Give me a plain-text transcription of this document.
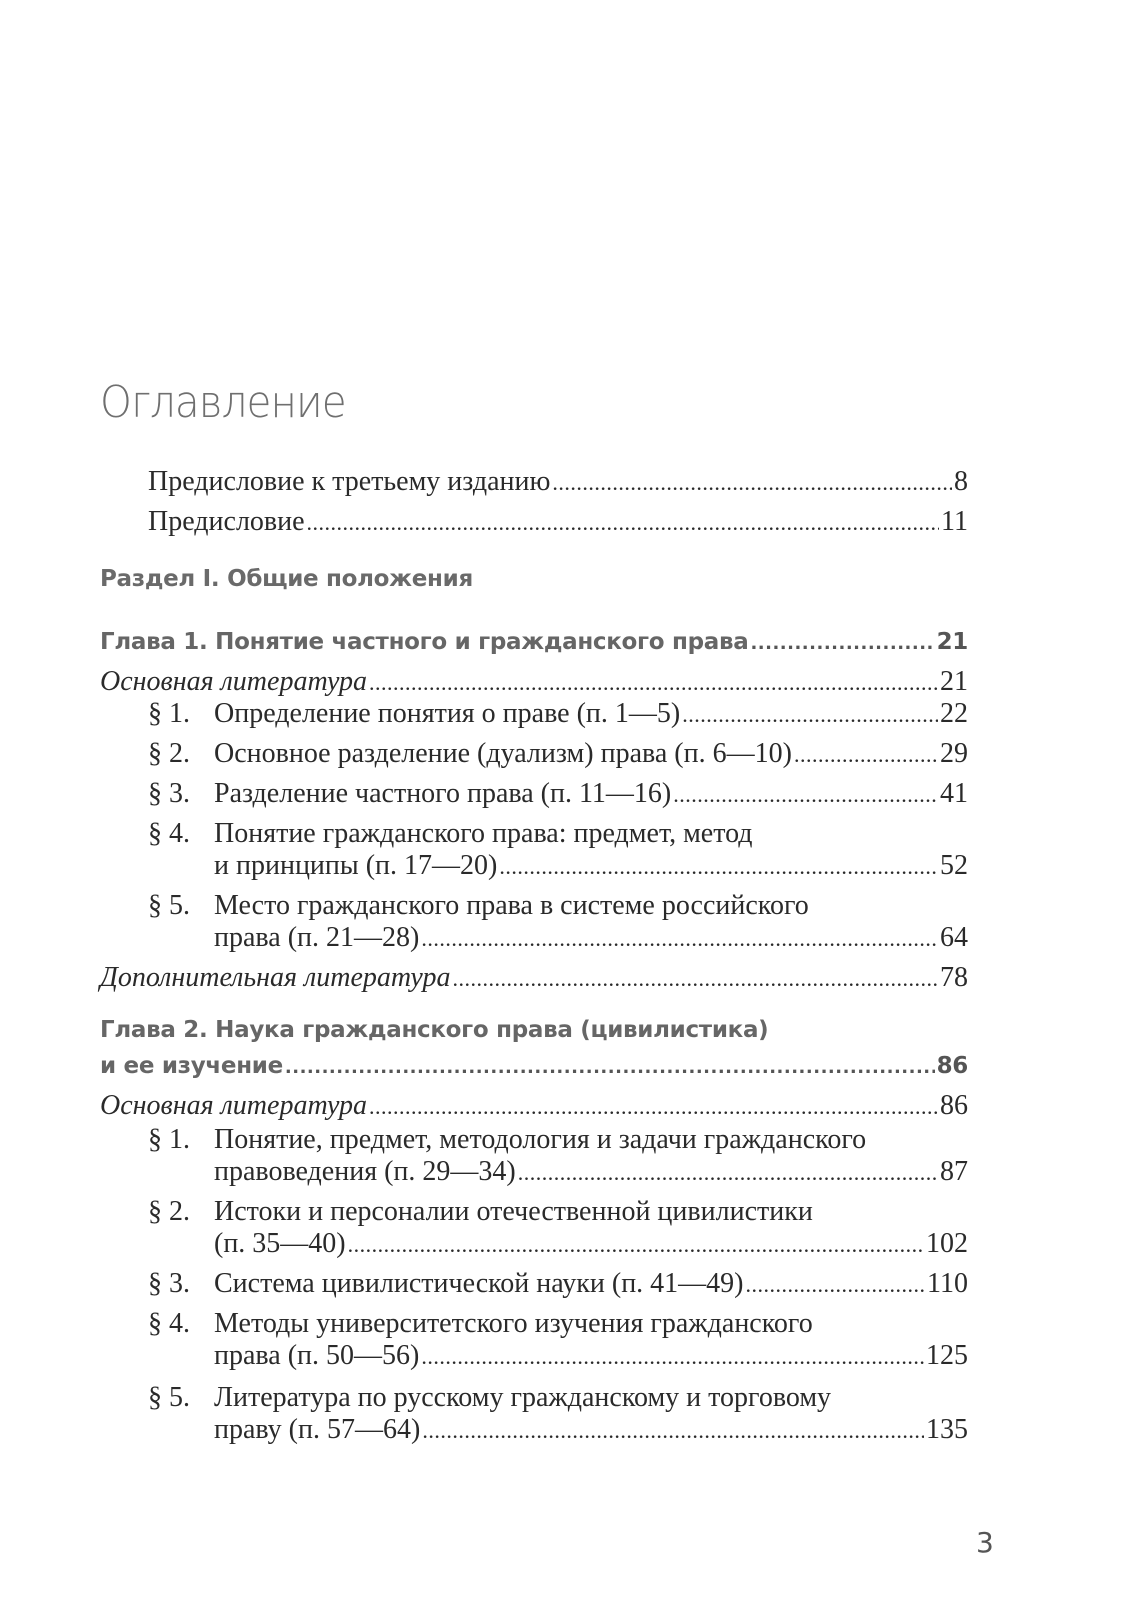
Оглавление
Предисловие к третьему изданию .....	8
Предисловие .....	11
Раздел I. Общие положения
Глава 1. Понятие частного и гражданского права .....	21
Основная литература .....	21
§ 1. Определение понятия о праве (п. 1—5) .....	22
§ 2. Основное разделение (дуализм) права (п. 6—10) .....	29
§ 3. Разделение частного права (п. 11—16) .....	41
§ 4. Понятие гражданского права: предмет, метод
и принципы (п. 17—20) .....	52
§ 5. Место гражданского права в системе российского
права (п. 21—28) .....	64
Дополнительная литература .....	78
Глава 2. Наука гражданского права (цивилистика)
и ее изучение .....	86
Основная литература .....	86
§ 1. Понятие, предмет, методология и задачи гражданского
правоведения (п. 29—34) .....	87
§ 2. Истоки и персоналии отечественной цивилистики
(п. 35—40) .....	102
§ 3. Система цивилистической науки (п. 41—49) .....	110
§ 4. Методы университетского изучения гражданского
права (п. 50—56) .....	125
§ 5. Литература по русскому гражданскому и торговому
праву (п. 57—64) .....	135
3
